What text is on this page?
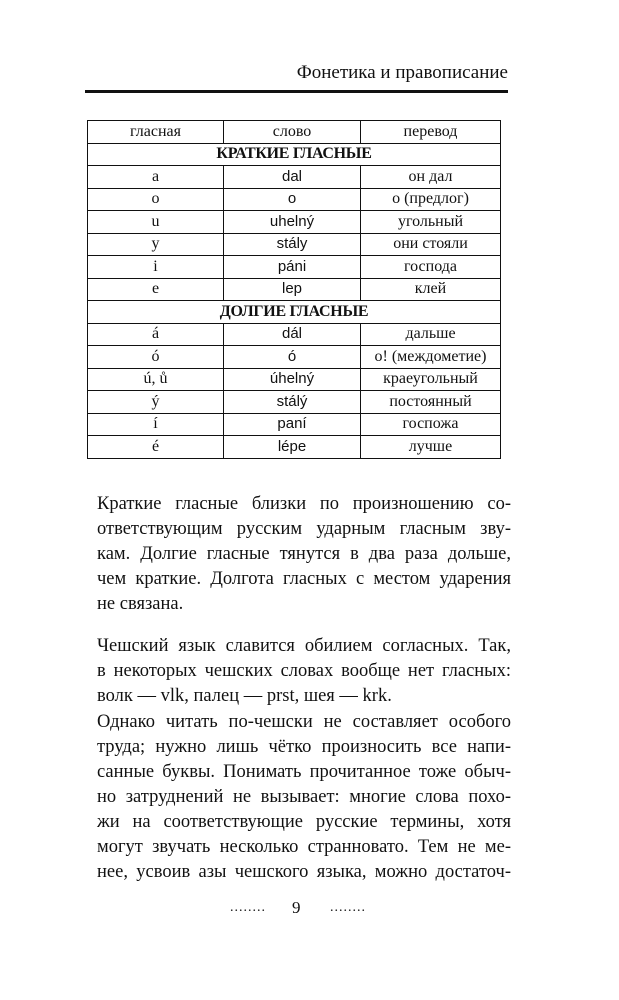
Фонетика и правописание
гласная	слово	перевод
КРАТКИЕ ГЛАСНЫЕ		
a	dal	он дал
o	o	о (предлог)
u	uhelný	угольный
y	stály	они стояли
i	páni	господа
e	lep	клей
ДОЛГИЕ ГЛАСНЫЕ		
á	dál	дальше
ó	ó	о! (междометие)
ú, ů	úhelný	краеугольный
ý	stálý	постоянный
í	paní	госпожа
é	lépe	лучше
Краткие гласные близки по произношению со-
ответствующим русским ударным гласным зву-
кам. Долгие гласные тянутся в два раза дольше,
чем краткие. Долгота гласных с местом ударения
не связана.
Чешский язык славится обилием согласных. Так,
в некоторых чешских словах вообще нет гласных:
волк — vlk, палец — prst, шея — krk.
Однако читать по-чешски не составляет особого
труда; нужно лишь чётко произносить все напи-
санные буквы. Понимать прочитанное тоже обыч-
но затруднений не вызывает: многие слова похо-
жи на соответствующие русские термины, хотя
могут звучать несколько странновато. Тем не ме-
нее, усвоив азы чешского языка, можно достаточ-
........ 9 ........
